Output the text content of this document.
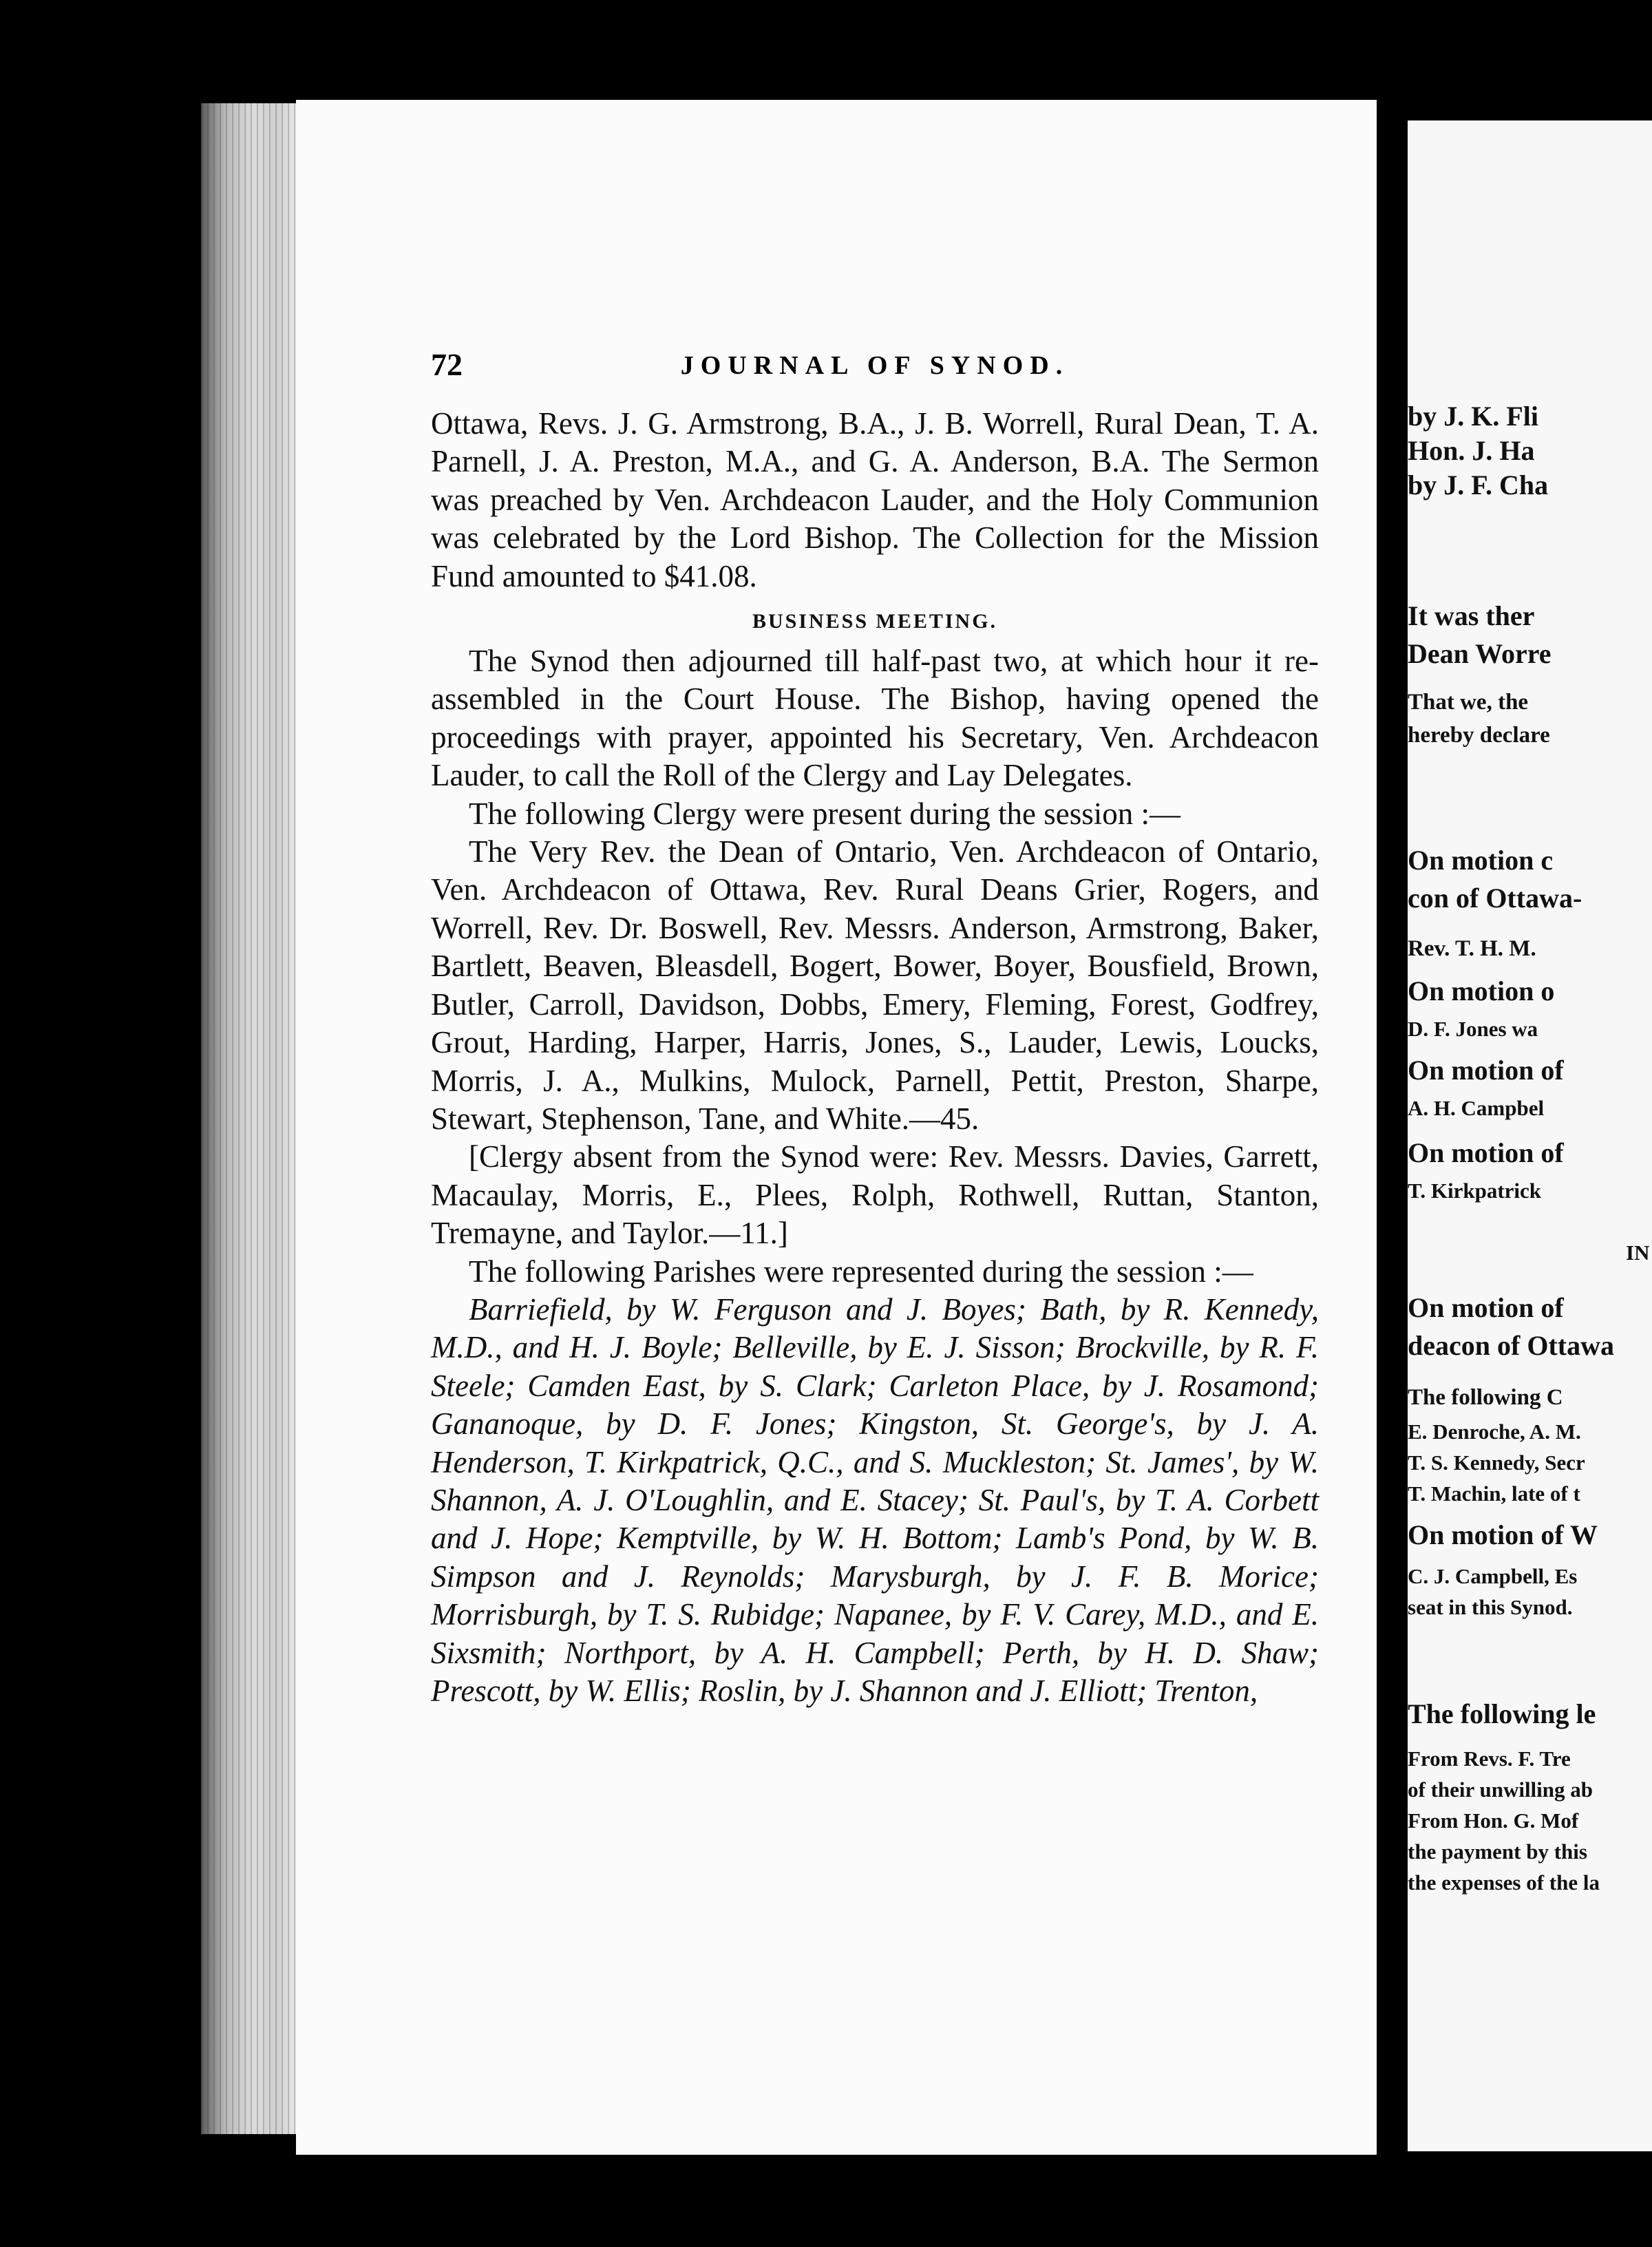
72	JOURNAL OF SYNOD.

Ottawa, Revs. J. G. Armstrong, B.A., J. B. Worrell, Rural Dean, T. A. Parnell, J. A. Preston, M.A., and G. A. Anderson, B.A. The Sermon was preached by Ven. Archdeacon Lauder, and the Holy Communion was celebrated by the Lord Bishop. The Collection for the Mission Fund amounted to $41.08.

BUSINESS MEETING.

The Synod then adjourned till half-past two, at which hour it re-assembled in the Court House. The Bishop, having opened the proceedings with prayer, appointed his Secretary, Ven. Archdeacon Lauder, to call the Roll of the Clergy and Lay Delegates.

The following Clergy were present during the session :—

The Very Rev. the Dean of Ontario, Ven. Archdeacon of Ontario, Ven. Archdeacon of Ottawa, Rev. Rural Deans Grier, Rogers, and Worrell, Rev. Dr. Boswell, Rev. Messrs. Anderson, Armstrong, Baker, Bartlett, Beaven, Bleasdell, Bogert, Bower, Boyer, Bousfield, Brown, Butler, Carroll, Davidson, Dobbs, Emery, Fleming, Forest, Godfrey, Grout, Harding, Harper, Harris, Jones, S., Lauder, Lewis, Loucks, Morris, J. A., Mulkins, Mulock, Parnell, Pettit, Preston, Sharpe, Stewart, Stephenson, Tane, and White.—45.

[Clergy absent from the Synod were: Rev. Messrs. Davies, Garrett, Macaulay, Morris, E., Plees, Rolph, Rothwell, Ruttan, Stanton, Tremayne, and Taylor.—11.]

The following Parishes were represented during the session :—

Barriefield, by W. Ferguson and J. Boyes; Bath, by R. Kennedy, M.D., and H. J. Boyle; Belleville, by E. J. Sisson; Brockville, by R. F. Steele; Camden East, by S. Clark; Carleton Place, by J. Rosamond; Gananoque, by D. F. Jones; Kingston, St. George's, by J. A. Henderson, T. Kirkpatrick, Q.C., and S. Muckleston; St. James', by W. Shannon, A. J. O'Loughlin, and E. Stacey; St. Paul's, by T. A. Corbett and J. Hope; Kemptville, by W. H. Bottom; Lamb's Pond, by W. B. Simpson and J. Reynolds; Marysburgh, by J. F. B. Morice; Morrisburgh, by T. S. Rubidge; Napanee, by F. V. Carey, M.D., and E. Sixsmith; Northport, by A. H. Campbell; Perth, by H. D. Shaw; Prescott, by W. Ellis; Roslin, by J. Shannon and J. Elliott; Trenton,

by J. K. Fli
Hon. J. Ha
by J. F. Cha
It was ther
Dean Worre
That we, the
hereby declare
On motion c
con of Ottawa-
Rev. T. H. M.
On motion o
D. F. Jones wa
On motion of
A. H. Campbel
On motion of
T. Kirkpatrick
IN
On motion of
deacon of Ottawa
The following C
E. Denroche, A. M.
T. S. Kennedy, Secr
T. Machin, late of t
On motion of W
C. J. Campbell, Es
seat in this Synod.
The following le
From Revs. F. Tre
of their unwilling ab
From Hon. G. Mof
the payment by this
the expenses of the la
